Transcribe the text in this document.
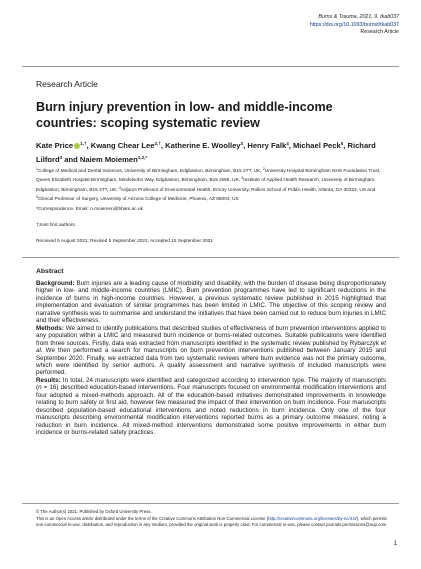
Burns & Trauma, 2021, 9, tkab037
https://doi.org/10.1093/burnst/tkab037
Research Article
Research Article
Burn injury prevention in low- and middle-income countries: scoping systematic review
Kate Price $^{1,\dagger}$, Kwang Chear Lee$^{2,\dagger}$, Katherine E. Woolley$^3$, Henry Falk$^4$, Michael Peck$^5$, Richard Lilford$^3$ and Naiem Moiemen$^{1,2,*}$
$^1$College of Medical and Dental Sciences, University of Birmingham, Edgbaston, Birmingham, B15 2TT, UK, $^2$University Hospital Birmingham NHS Foundation Trust, Queen Elizabeth Hospital Birmingham, Mindelsohn Way, Edgbaston, Birmingham, B15 2WB, UK, $^3$Institute of Applied Health Research, University of Birmingham, Edgbaston, Birmingham, B15 2TT, UK, $^4$Adjunct Professor of Environmental Health, Emory University, Rollins School of Public Health, Atlanta, GA 30322, US and $^5$Clinical Professor of Surgery, University of Arizona College of Medicine, Phoenix, AZ 85004, US
*Correspondence. Email: n.moiemen@bham.ac.uk
†Joint first authors.
Received 5 August 2021; Revised 5 September 2021; Accepted 15 September 2021
Abstract

Background: Burn injuries are a leading cause of morbidity and disability, with the burden of disease being disproportionately higher in low- and middle-income countries (LMIC). Burn prevention programmes have led to significant reductions in the incidence of burns in high-income countries. However, a previous systematic review published in 2015 highlighted that implementation and evaluation of similar programmes has been limited in LMIC. The objective of this scoping review and narrative synthesis was to summarise and understand the initiatives that have been carried out to reduce burn injuries in LMIC and their effectiveness.

Methods: We aimed to identify publications that described studies of effectiveness of burn prevention interventions applied to any population within a LMIC and measured burn incidence or burns-related outcomes. Suitable publications were identified from three sources. Firstly, data was extracted from manuscripts identified in the systematic review published by Rybarczyk et al. We then performed a search for manuscripts on burn prevention interventions published between January 2015 and September 2020. Finally, we extracted data from two systematic reviews where burn evidence was not the primary outcome, which were identified by senior authors. A quality assessment and narrative synthesis of included manuscripts were performed.

Results: In total, 24 manuscripts were identified and categorized according to intervention type. The majority of manuscripts (n = 16) described education-based interventions. Four manuscripts focused on environmental modification interventions and four adopted a mixed-methods approach. All of the education-based initiatives demonstrated improvements in knowledge relating to burn safety or first aid, however few measured the impact of their intervention on burn incidence. Four manuscripts described population-based educational interventions and noted reductions in burn incidence. Only one of the four manuscripts describing environmental modification interventions reported burns as a primary outcome measure, noting a reduction in burn incidence. All mixed-method interventions demonstrated some positive improvements in either burn incidence or burns-related safety practices.

© The Author(s) 2021. Published by Oxford University Press.
This is an Open Access article distributed under the terms of the Creative Commons Attribution Non-Commercial License (http://creativecommons.org/licenses/by-nc/4.0/), which permits non-commercial re-use, distribution, and reproduction in any medium, provided the original work is properly cited. For commercial re-use, please contact journals.permissions@oup.com
1
